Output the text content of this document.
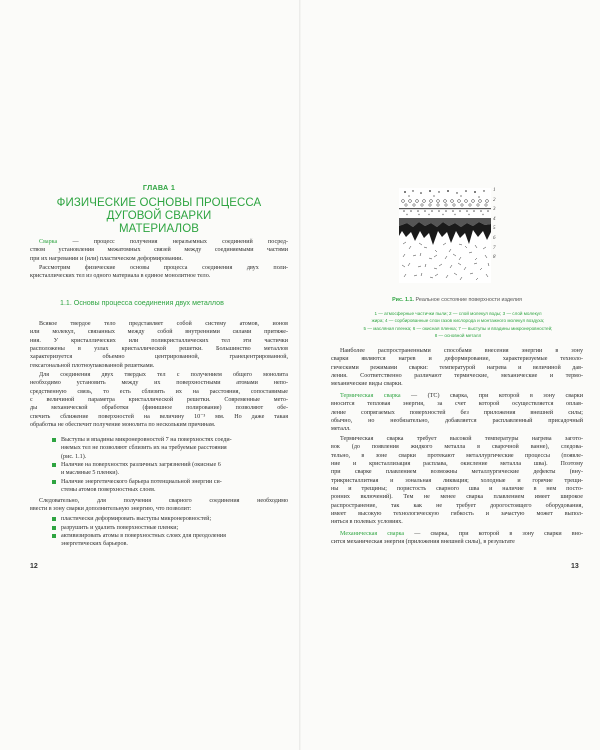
ГЛАВА 1
ФИЗИЧЕСКИЕ ОСНОВЫ ПРОЦЕССА ДУГОВОЙ СВАРКИ
МАТЕРИАЛОВ
Сварка — процесс получения неразъемных соединений посред-
ством установления межатомных связей между соединяемыми частями
при их нагревании и (или) пластическом деформировании.
Рассмотрим физические основы процесса соединения двух поли-
кристаллических тел из одного материала в единое монолитное тело.
1.1. Основы процесса соединения двух металлов
Всякое твердое тело представляет собой систему атомов, ионов
или молекул, связанных между собой внутренними силами притяже-
ния. У кристаллических или поликристаллических тел эти частички
расположены в узлах кристаллической решетки. Большинство металлов
характеризуется объемно центрированной, гранецентрированной,
гексагональной плотноупакованной решетками.
Для соединения двух твердых тел с получением общего монолита
необходимо установить между их поверхностными атомами непо-
средственную связь, то есть сблизить их на расстояния, сопоставимые
с величиной параметра кристаллической решетки. Современные мето-
ды механической обработки (финишное полирование) позволяют обе-
спечить сближение поверхностей на величину 10⁻³ мм. Но даже такая
обработка не обеспечит получение монолита по нескольким причинам.
Выступы и впадины микронеровностей 7 на поверхностях соеди-
няемых тел не позволяют сблизить их на требуемые расстояния
(рис. 1.1).
Наличие на поверхностях различных загрязнений (окисные 6
и масляные 5 пленки).
Наличие энергетического барьера потенциальной энергии си-
стемы атомов поверхностных слоев.
Следовательно, для получения сварного соединения необходимо
ввести в зону сварки дополнительную энергию, что позволит:
пластически деформировать выступы микронеровностей;
разрушить и удалить поверхностные пленки;
активизировать атомы в поверхностных слоях для преодоления
энергетических барьеров.
12
1
2
3
4
5
6
7
8
Рис. 1.1. Реальное состояние поверхности изделия
1 — атмосферные частички пыли; 2 — слой молекул воды; 3 — слой молекул
жира; 4 — сорбированные слои газов кислорода и монтажного молекул воздуха;
5 — масляная пленка; 6 — окисная пленка; 7 — выступы и впадины микронеровностей;
8 — основной металл
Наиболее распространенными способами внесения энергии в зону
сварки являются нагрев и деформирование, характеризуемые техноло-
гическими режимами сварки: температурой нагрева и величиной дав-
ления. Соответственно различают термические, механические и термо-
механические виды сварки.
Термическая сварка — (ТС) сварка, при которой в зону сварки
вносится тепловая энергия, за счет которой осуществляется оплав-
ление сопрягаемых поверхностей без приложения внешней силы;
обычно, но необязательно, добавляется расплавленный присадочный
металл.
Термическая сварка требует высокой температуры нагрева загото-
вок (до появления жидкого металла в сварочной ванне), следова-
тельно, в зоне сварки протекают металлургические процессы (появле-
ние и кристаллизация расплава, окисление металла шва). Поэтому
при сварке плавлением возможны металлургические дефекты (вну-
трикристаллитная и зональная ликвация; холодные и горячие трещи-
ны и трещины; пористость сварного шва и наличие в нем посто-
ронних включений). Тем не менее сварка плавлением имеет широкое
распространение, так как не требует дорогостоящего оборудования,
имеет высокую технологическую гибкость и зачастую может выпол-
няться в полевых условиях.
Механическая сварка — сварка, при которой в зону сварки вно-
сится механическая энергия (приложения внешней силы), в результате
13
